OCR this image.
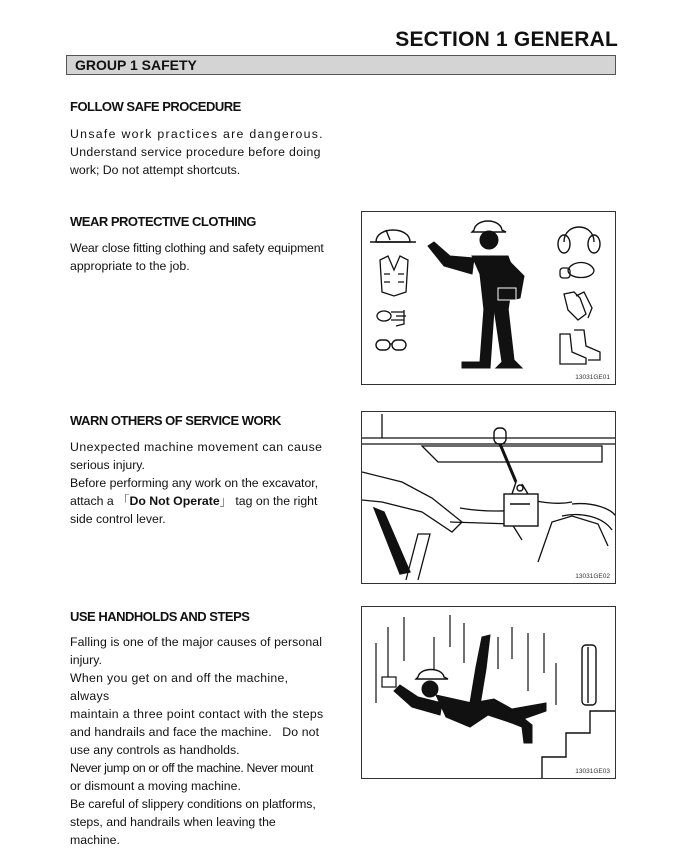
SECTION 1 GENERAL
GROUP 1 SAFETY
FOLLOW SAFE PROCEDURE

Unsafe work practices are dangerous.

Understand service procedure before doing

work; Do not attempt shortcuts.

WEAR PROTECTIVE CLOTHING

Wear close fitting clothing and safety equipment

appropriate to the job.

13031GE01
WARN OTHERS OF SERVICE WORK

Unexpected machine movement can cause

serious injury.

Before performing any work on the excavator,

attach a 「Do Not Operate」 tag on the right

side control lever.

13031GE02
USE HANDHOLDS AND STEPS

Falling is one of the major causes of personal

injury.

When you get on and off the machine, always

maintain a three point contact with the steps

and handrails and face the machine.   Do not

use any controls as handholds.

Never jump on or off the machine. Never mount

or dismount a moving machine.

Be careful of slippery conditions on platforms,

steps, and handrails when leaving the machine.

13031GE03
